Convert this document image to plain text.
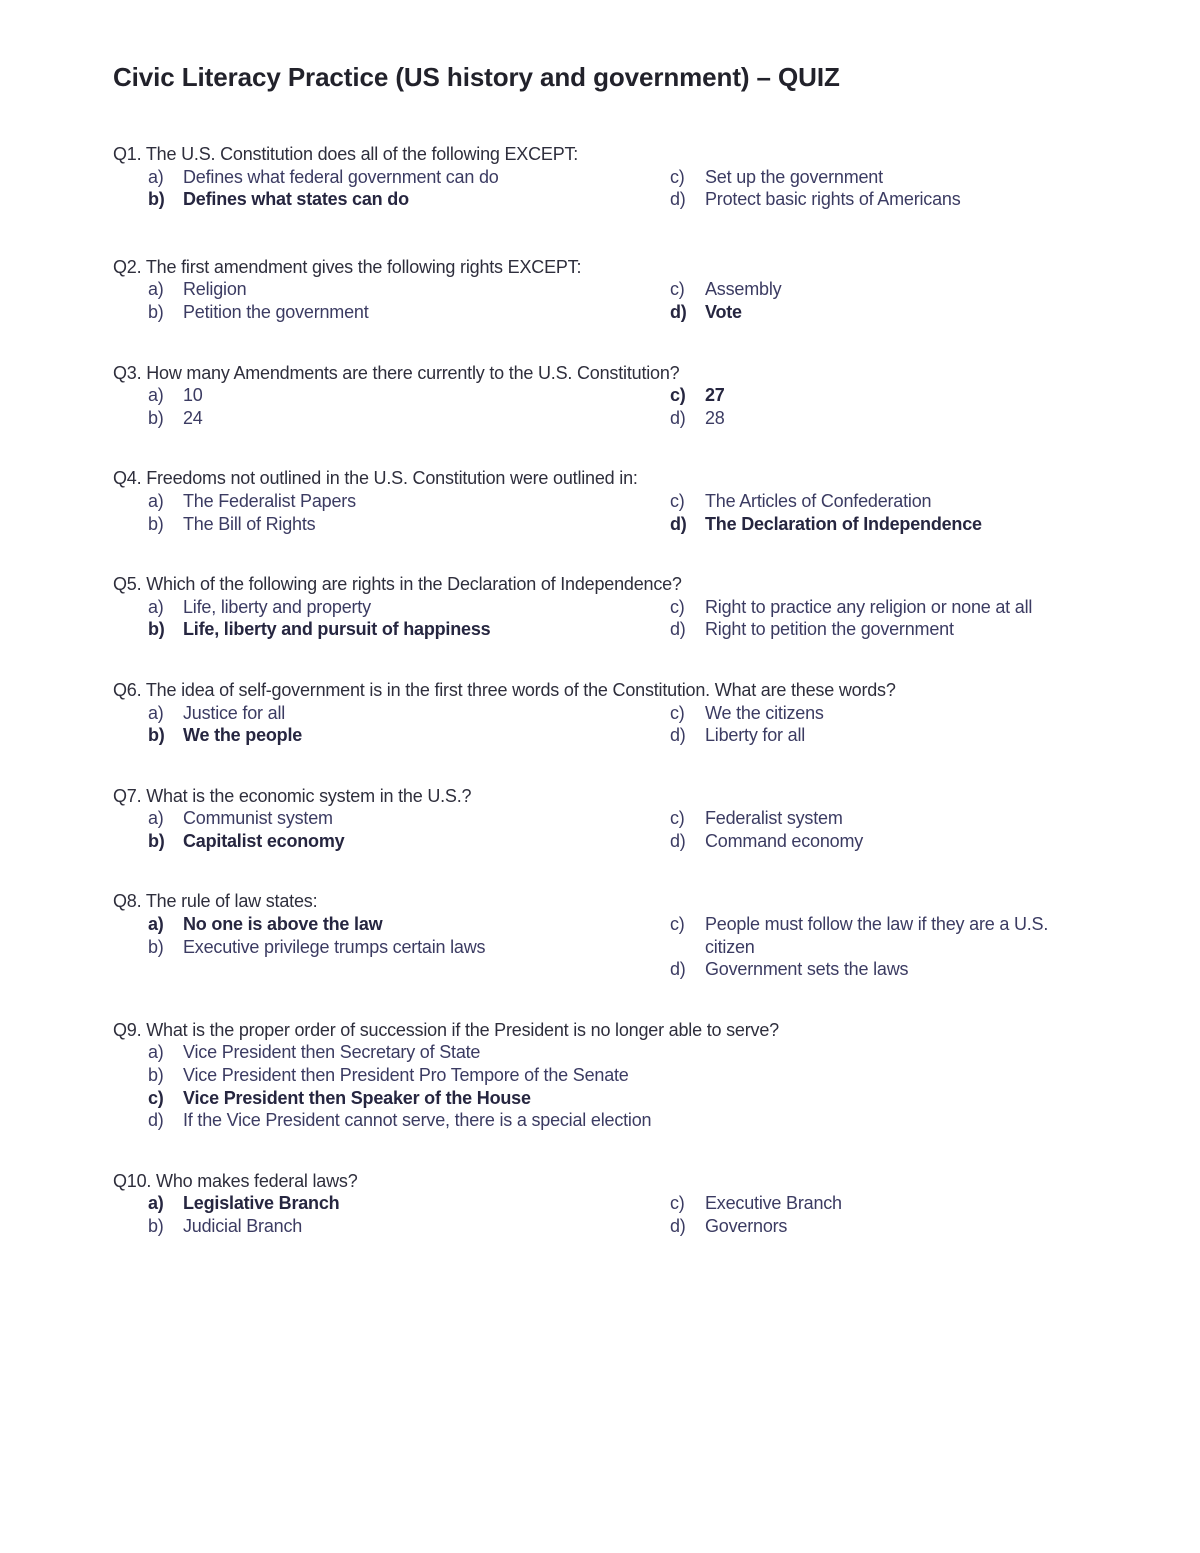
Civic Literacy Practice (US history and government) – QUIZ
Q1. The U.S. Constitution does all of the following EXCEPT:
a)	Defines what federal government can do
b)	Defines what states can do
c)	Set up the government
d)	Protect basic rights of Americans
Q2. The first amendment gives the following rights EXCEPT:
a)	Religion
b)	Petition the government
c)	Assembly
d)	Vote
Q3. How many Amendments are there currently to the U.S. Constitution?
a)	10
b)	24
c)	27
d)	28
Q4. Freedoms not outlined in the U.S. Constitution were outlined in:
a)	The Federalist Papers
b)	The Bill of Rights
c)	The Articles of Confederation
d)	The Declaration of Independence
Q5. Which of the following are rights in the Declaration of Independence?
a)	Life, liberty and property
b)	Life, liberty and pursuit of happiness
c)	Right to practice any religion or none at all
d)	Right to petition the government
Q6. The idea of self-government is in the first three words of the Constitution. What are these words?
a)	Justice for all
b)	We the people
c)	We the citizens
d)	Liberty for all
Q7. What is the economic system in the U.S.?
a)	Communist system
b)	Capitalist economy
c)	Federalist system
d)	Command economy
Q8. The rule of law states:
a)	No one is above the law
b)	Executive privilege trumps certain laws
c)	People must follow the law if they are a U.S. citizen
d)	Government sets the laws
Q9. What is the proper order of succession if the President is no longer able to serve?
a)	Vice President then Secretary of State
b)	Vice President then President Pro Tempore of the Senate
c)	Vice President then Speaker of the House
d)	If the Vice President cannot serve, there is a special election
Q10. Who makes federal laws?
a)	Legislative Branch
b)	Judicial Branch
c)	Executive Branch
d)	Governors
